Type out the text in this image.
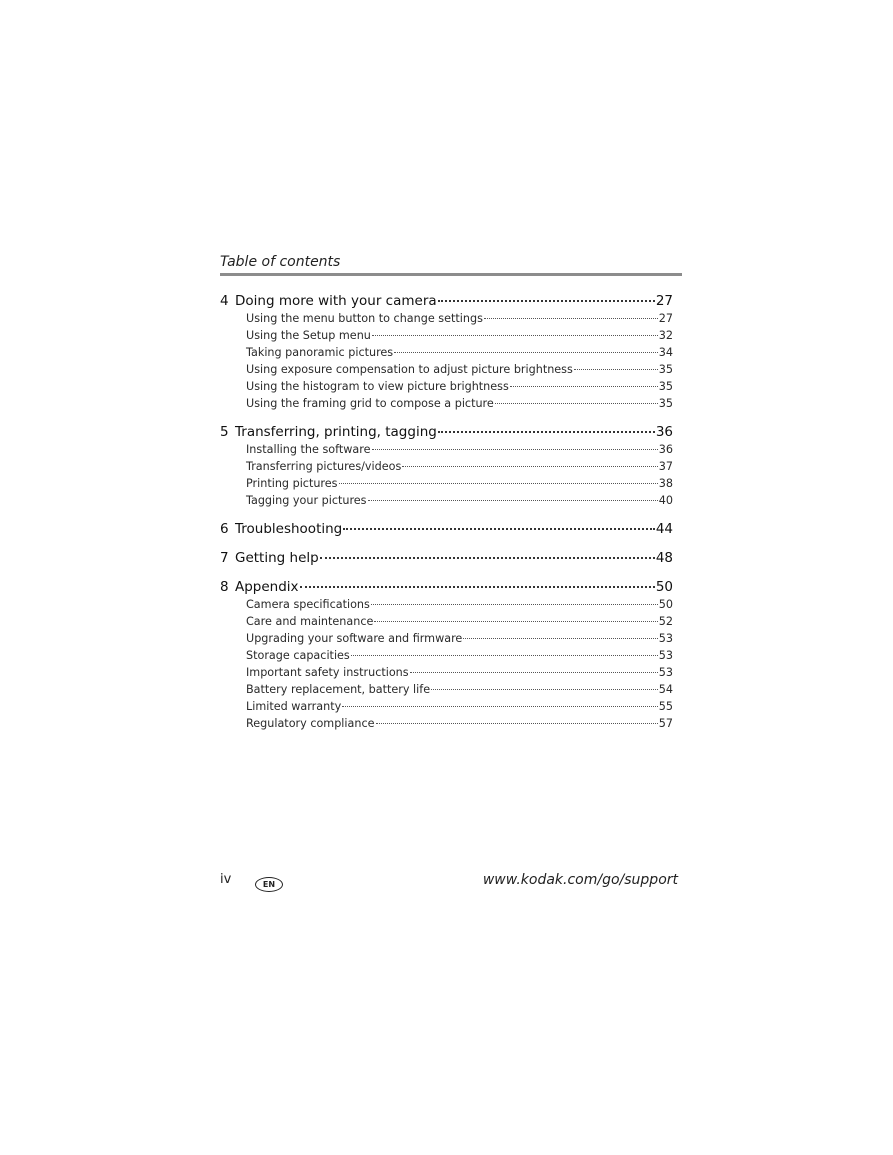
Table of contents
4 Doing more with your camera	27
Using the menu button to change settings	27
Using the Setup menu	32
Taking panoramic pictures	34
Using exposure compensation to adjust picture brightness	35
Using the histogram to view picture brightness	35
Using the framing grid to compose a picture	35
5 Transferring, printing, tagging	36
Installing the software	36
Transferring pictures/videos	37
Printing pictures	38
Tagging your pictures	40
6 Troubleshooting	44
7 Getting help	48
8 Appendix	50
Camera specifications	50
Care and maintenance	52
Upgrading your software and firmware	53
Storage capacities	53
Important safety instructions	53
Battery replacement, battery life	54
Limited warranty	55
Regulatory compliance	57
iv	EN	www.kodak.com/go/support
